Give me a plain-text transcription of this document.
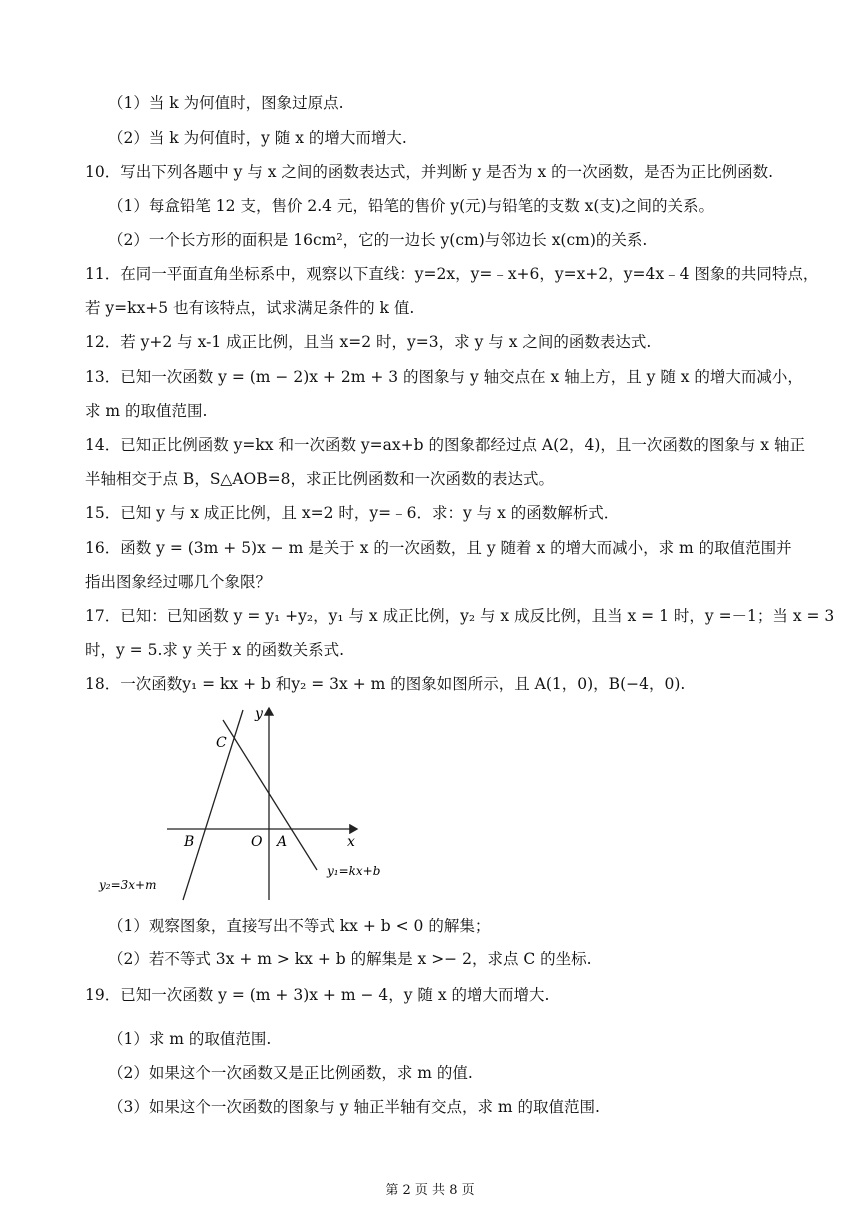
（1）当 k 为何值时，图象过原点.
（2）当 k 为何值时，y 随 x 的增大而增大.
10．写出下列各题中 y 与 x 之间的函数表达式，并判断 y 是否为 x 的一次函数，是否为正比例函数.
（1）每盒铅笔 12 支，售价 2.4 元，铅笔的售价 y(元)与铅笔的支数 x(支)之间的关系。
（2）一个长方形的面积是 16cm²，它的一边长 y(cm)与邻边长 x(cm)的关系.
11．在同一平面直角坐标系中，观察以下直线：y=2x，y=﹣x+6，y=x+2，y=4x﹣4 图象的共同特点，
若 y=kx+5 也有该特点，试求满足条件的 k 值.
12．若 y+2 与 x-1 成正比例，且当 x=2 时，y=3，求 y 与 x 之间的函数表达式.
13．已知一次函数 y = (m − 2)x + 2m + 3 的图象与 y 轴交点在 x 轴上方，且 y 随 x 的增大而减小，
求 m 的取值范围.
14．已知正比例函数 y=kx 和一次函数 y=ax+b 的图象都经过点 A(2，4)，且一次函数的图象与 x 轴正
半轴相交于点 B，S△AOB=8，求正比例函数和一次函数的表达式。
15．已知 y 与 x 成正比例，且 x=2 时，y=﹣6．求：y 与 x 的函数解析式．
16．函数 y = (3m + 5)x − m 是关于 x 的一次函数，且 y 随着 x 的增大而减小，求 m 的取值范围并
指出图象经过哪几个象限？
17．已知：已知函数 y = y₁ +y₂，y₁ 与 x 成正比例，y₂ 与 x 成反比例，且当 x = 1 时，y =－1；当 x = 3
时，y = 5.求 y 关于 x 的函数关系式.
18．一次函数y₁ = kx + b 和y₂ = 3x + m 的图象如图所示，且 A(1，0)，B(−4，0).
y
x
O A
B
C
y₁=kx+b
y₂=3x+m
（1）观察图象，直接写出不等式 kx + b < 0 的解集；
（2）若不等式 3x + m > kx + b 的解集是 x >− 2，求点 C 的坐标.
19．已知一次函数 y = (m + 3)x + m − 4，y 随 x 的增大而增大.
（1）求 m 的取值范围.
（2）如果这个一次函数又是正比例函数，求 m 的值.
（3）如果这个一次函数的图象与 y 轴正半轴有交点，求 m 的取值范围.
第 2 页 共 8 页
